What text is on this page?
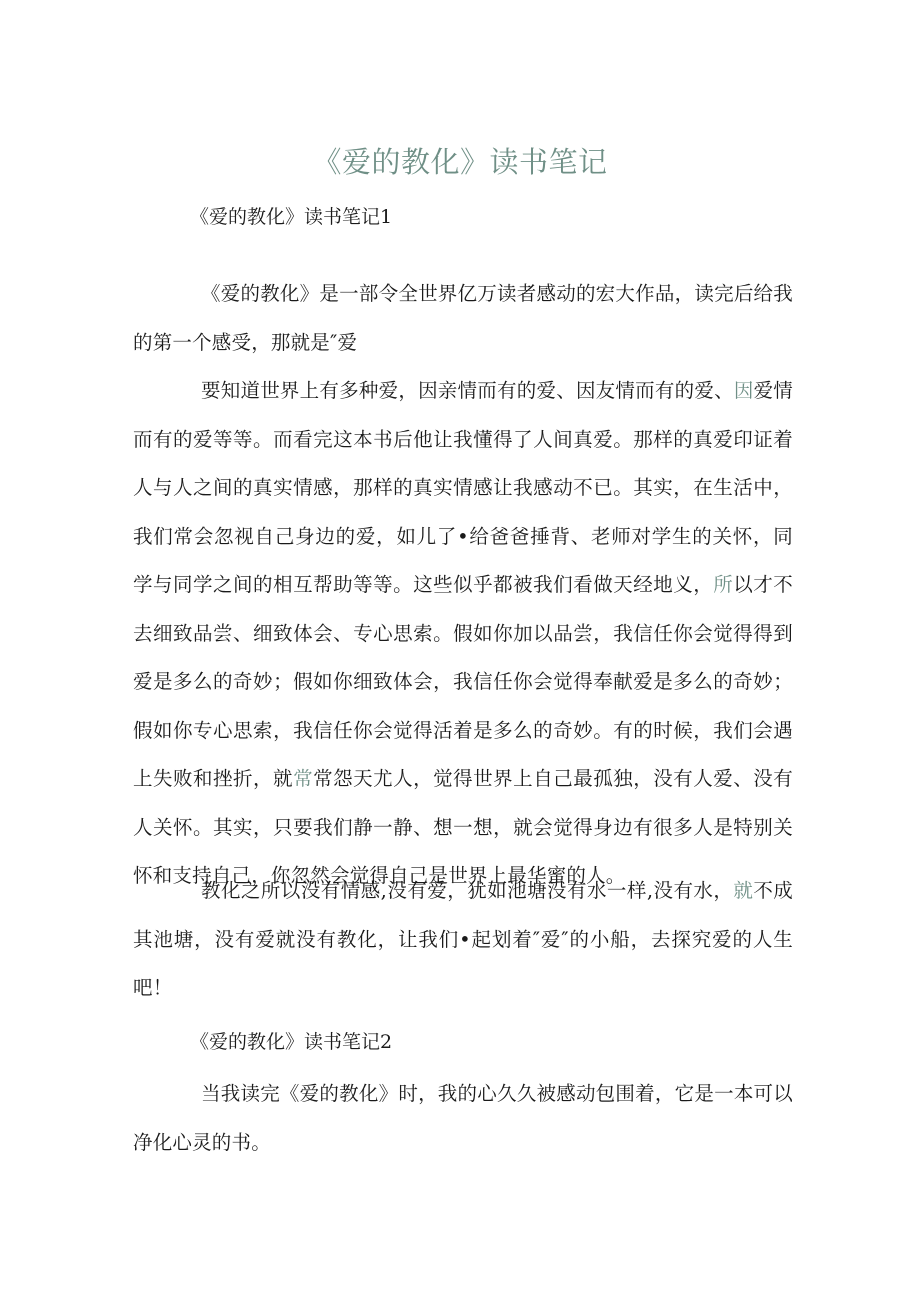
《爱的教化》读书笔记
《爱的教化》读书笔记1
《爱的教化》是一部令全世界亿万读者感动的宏大作品，读完后给我的第一个感受，那就是″爱
要知道世界上有多种爱，因亲情而有的爱、因友情而有的爱、因爱情而有的爱等等。而看完这本书后他让我懂得了人间真爱。那样的真爱印证着人与人之间的真实情感，那样的真实情感让我感动不已。其实，在生活中，我们常会忽视自己身边的爱，如儿了•给爸爸捶背、老师对学生的关怀，同学与同学之间的相互帮助等等。这些似乎都被我们看做天经地义，所以才不去细致品尝、细致体会、专心思索。假如你加以品尝，我信任你会觉得得到爱是多么的奇妙；假如你细致体会，我信任你会觉得奉献爱是多么的奇妙；假如你专心思索，我信任你会觉得活着是多么的奇妙。有的时候，我们会遇上失败和挫折，就常常怨天尤人，觉得世界上自己最孤独，没有人爱、没有人关怀。其实，只要我们静一静、想一想，就会觉得身边有很多人是特别关怀和支持自己，你忽然会觉得自己是世界上最华蜜的人。
教化之所以没有情感,没有爱，犹如池塘没有水一样,没有水，就不成其池塘，没有爱就没有教化，让我们•起划着″爱″的小船，去探究爱的人生吧！
《爱的教化》读书笔记2
当我读完《爱的教化》时，我的心久久被感动包围着，它是一本可以净化心灵的书。
